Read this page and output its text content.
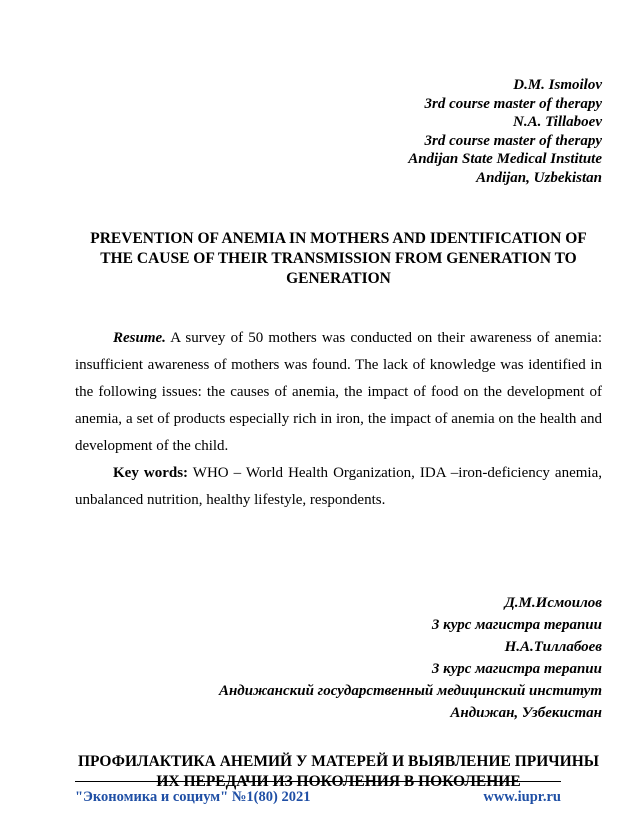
D.M. Ismoilov
3rd course master of therapy
N.A. Tillaboev
3rd course master of therapy
Andijan State Medical Institute
Andijan, Uzbekistan
PREVENTION OF ANEMIA IN MOTHERS AND IDENTIFICATION OF THE CAUSE OF THEIR TRANSMISSION FROM GENERATION TO GENERATION

Resume. A survey of 50 mothers was conducted on their awareness of anemia: insufficient awareness of mothers was found. The lack of knowledge was identified in the following issues: the causes of anemia, the impact of food on the development of anemia, a set of products especially rich in iron, the impact of anemia on the health and development of the child.

Key words: WHO – World Health Organization, IDA –iron-deficiency anemia, unbalanced nutrition, healthy lifestyle, respondents.

Д.М.Исмоилов
3 курс магистра терапии
Н.А.Тиллабоев
3 курс магистра терапии
Андижанский государственный медицинский институт
Андижан, Узбекистан
ПРОФИЛАКТИКА АНЕМИЙ У МАТЕРЕЙ И ВЫЯВЛЕНИЕ ПРИЧИНЫ ИХ ПЕРЕДАЧИ ИЗ ПОКОЛЕНИЯ В ПОКОЛЕНИЕ
"Экономика и социум" №1(80) 2021	www.iupr.ru
